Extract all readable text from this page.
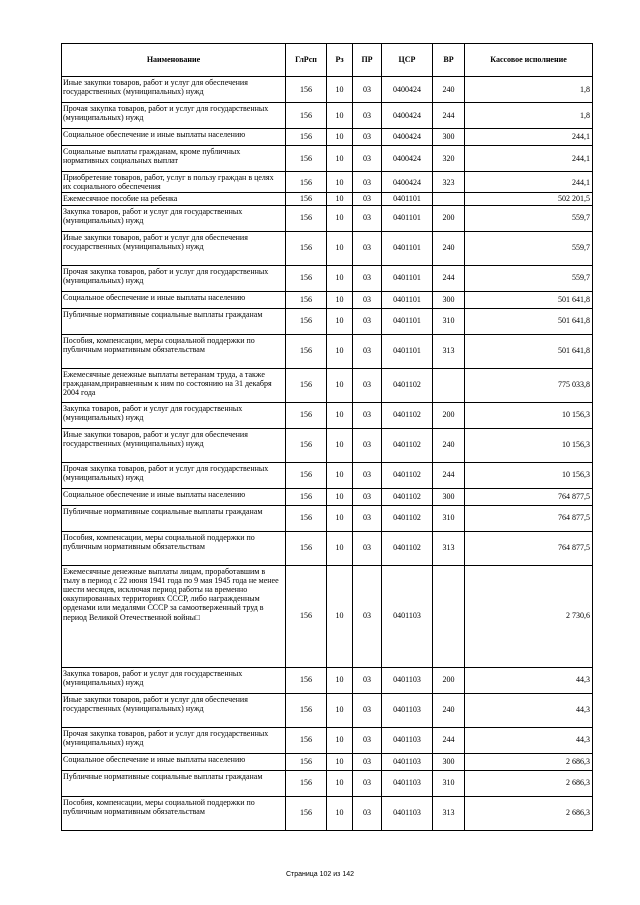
Наименование	ГлРсп	Рз	ПР	ЦСР	ВР	Кассовое исполнение
Иные закупки товаров, работ и услуг для обеспечения государственных (муниципальных) нужд	156	10	03	0400424	240	1,8
Прочая закупка товаров, работ и услуг для государственных (муниципальных) нужд	156	10	03	0400424	244	1,8
Социальное обеспечение и иные выплаты населению	156	10	03	0400424	300	244,1
Социальные выплаты гражданам, кроме публичных нормативных социальных выплат	156	10	03	0400424	320	244,1
Приобретение товаров, работ, услуг в пользу граждан в целях их социального обеспечения	156	10	03	0400424	323	244,1
Ежемесячное пособие на ребенка	156	10	03	0401101		502 201,5
Закупка товаров, работ и услуг для государственных (муниципальных) нужд	156	10	03	0401101	200	559,7
Иные закупки товаров, работ и услуг для обеспечения государственных (муниципальных) нужд	156	10	03	0401101	240	559,7
Прочая закупка товаров, работ и услуг для государственных (муниципальных) нужд	156	10	03	0401101	244	559,7
Социальное обеспечение и иные выплаты населению	156	10	03	0401101	300	501 641,8
Публичные нормативные социальные выплаты гражданам	156	10	03	0401101	310	501 641,8
Пособия, компенсации, меры социальной поддержки по публичным нормативным обязательствам	156	10	03	0401101	313	501 641,8
Ежемесячные денежные выплаты ветеранам труда, а также гражданам,приравненным к ним по состоянию на 31 декабря 2004 года	156	10	03	0401102		775 033,8
Закупка товаров, работ и услуг для государственных (муниципальных) нужд	156	10	03	0401102	200	10 156,3
Иные закупки товаров, работ и услуг для обеспечения государственных (муниципальных) нужд	156	10	03	0401102	240	10 156,3
Прочая закупка товаров, работ и услуг для государственных (муниципальных) нужд	156	10	03	0401102	244	10 156,3
Социальное обеспечение и иные выплаты населению	156	10	03	0401102	300	764 877,5
Публичные нормативные социальные выплаты гражданам	156	10	03	0401102	310	764 877,5
Пособия, компенсации, меры социальной поддержки по публичным нормативным обязательствам	156	10	03	0401102	313	764 877,5
Ежемесячные денежные выплаты лицам, проработавшим в тылу в период с 22 июня 1941 года по 9 мая 1945 года не менее шести месяцев, исключая период работы на временно оккупированных территориях СССР, либо награжденным орденами или медалями СССР за самоотверженный труд в период Великой Отечественной войны□	156	10	03	0401103		2 730,6
Закупка товаров, работ и услуг для государственных (муниципальных) нужд	156	10	03	0401103	200	44,3
Иные закупки товаров, работ и услуг для обеспечения государственных (муниципальных) нужд	156	10	03	0401103	240	44,3
Прочая закупка товаров, работ и услуг для государственных (муниципальных) нужд	156	10	03	0401103	244	44,3
Социальное обеспечение и иные выплаты населению	156	10	03	0401103	300	2 686,3
Публичные нормативные социальные выплаты гражданам	156	10	03	0401103	310	2 686,3
Пособия, компенсации, меры социальной поддержки по публичным нормативным обязательствам	156	10	03	0401103	313	2 686,3
Страница 102 из 142
